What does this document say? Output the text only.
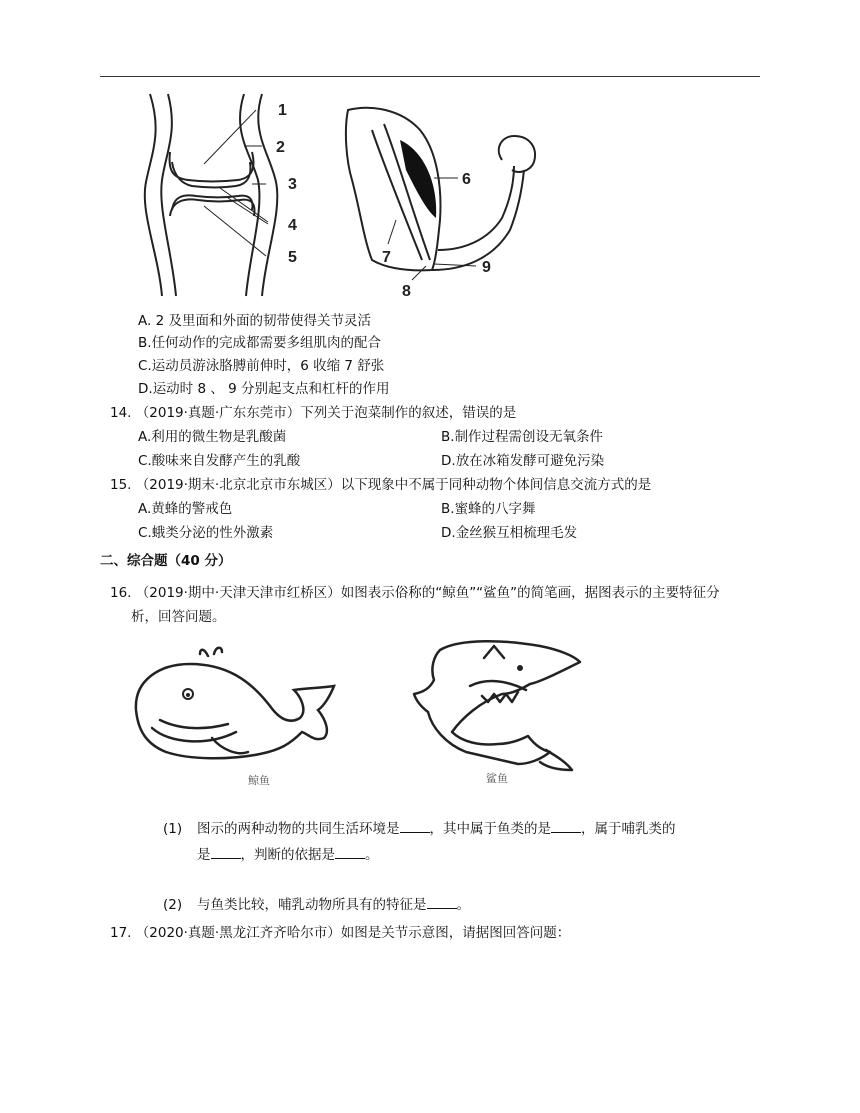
1
2
3
4
5
6
7
8
9
A. 2 及里面和外面的韧带使得关节灵活
B.任何动作的完成都需要多组肌肉的配合
C.运动员游泳胳膊前伸时，6 收缩 7 舒张
D.运动时 8 、 9 分别起支点和杠杆的作用
14. （2019·真题·广东东莞市）下列关于泡菜制作的叙述，错误的是
A.利用的微生物是乳酸菌	B.制作过程需创设无氧条件
C.酸味来自发酵产生的乳酸	D.放在冰箱发酵可避免污染
15. （2019·期末·北京北京市东城区）以下现象中不属于同种动物个体间信息交流方式的是
A.黄蜂的警戒色	B.蜜蜂的八字舞
C.蛾类分泌的性外激素	D.金丝猴互相梳理毛发
二、综合题（40 分）
16. （2019·期中·天津天津市红桥区）如图表示俗称的“鲸鱼”“鲨鱼”的简笔画，据图表示的主要特征分
析，回答问题。
鲸鱼	鲨鱼
(1) 图示的两种动物的共同生活环境是 ，其中属于鱼类的是 ，属于哺乳类的
是 ，判断的依据是 。
(2) 与鱼类比较，哺乳动物所具有的特征是 。
17. （2020·真题·黑龙江齐齐哈尔市）如图是关节示意图，请据图回答问题：
